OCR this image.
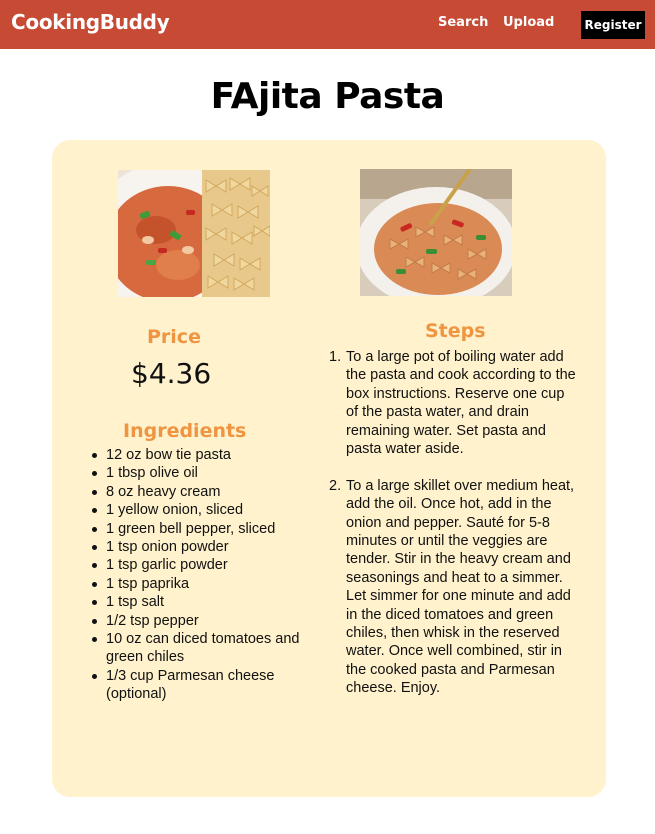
CookingBuddy	Search Upload	Register
FAjita Pasta
Price
$4.36
Ingredients
12 oz bow tie pasta
1 tbsp olive oil
8 oz heavy cream
1 yellow onion, sliced
1 green bell pepper, sliced
1 tsp onion powder
1 tsp garlic powder
1 tsp paprika
1 tsp salt
1/2 tsp pepper
10 oz can diced tomatoes and green chiles
1/3 cup Parmesan cheese (optional)
Steps
1. To a large pot of boiling water add the pasta and cook according to the box instructions. Reserve one cup of the pasta water, and drain remaining water. Set pasta and pasta water aside.
2. To a large skillet over medium heat, add the oil. Once hot, add in the onion and pepper. Sauté for 5-8 minutes or until the veggies are tender. Stir in the heavy cream and seasonings and heat to a simmer. Let simmer for one minute and add in the diced tomatoes and green chiles, then whisk in the reserved water. Once well combined, stir in the cooked pasta and Parmesan cheese. Enjoy.
